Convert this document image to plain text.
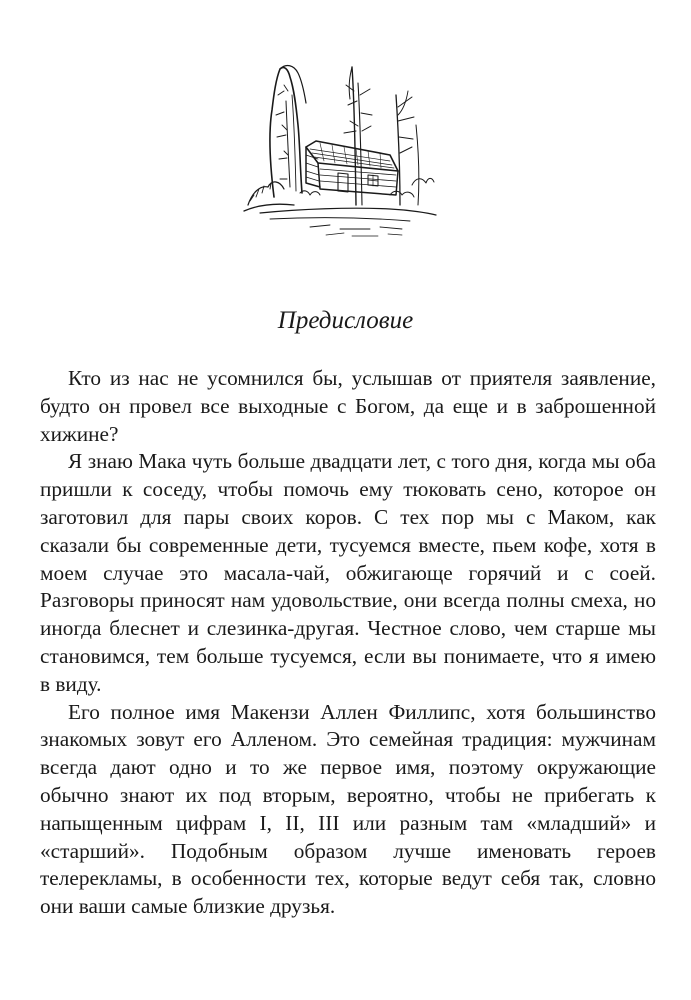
Предисловие

Кто из нас не усомнился бы, услышав от приятеля заявление, будто он провел все выходные с Богом, да еще и в заброшенной хижине?

Я знаю Мака чуть больше двадцати лет, с того дня, когда мы оба пришли к соседу, чтобы помочь ему тюковать сено, которое он заготовил для пары своих коров. С тех пор мы с Маком, как сказали бы современные дети, тусуемся вместе, пьем кофе, хотя в моем случае это масала-чай, обжигающе горячий и с соей. Разговоры приносят нам удовольствие, они всегда полны смеха, но иногда блеснет и слезинка-другая. Честное слово, чем старше мы становимся, тем больше тусуемся, если вы понимаете, что я имею в виду.

Его полное имя Макензи Аллен Филлипс, хотя большинство знакомых зовут его Алленом. Это семейная традиция: мужчинам всегда дают одно и то же первое имя, поэтому окружающие обычно знают их под вторым, вероятно, чтобы не прибегать к напыщенным цифрам I, II, III или разным там «младший» и «старший». Подобным образом лучше именовать героев телерекламы, в особенности тех, которые ведут себя так, словно они ваши самые близкие друзья.
